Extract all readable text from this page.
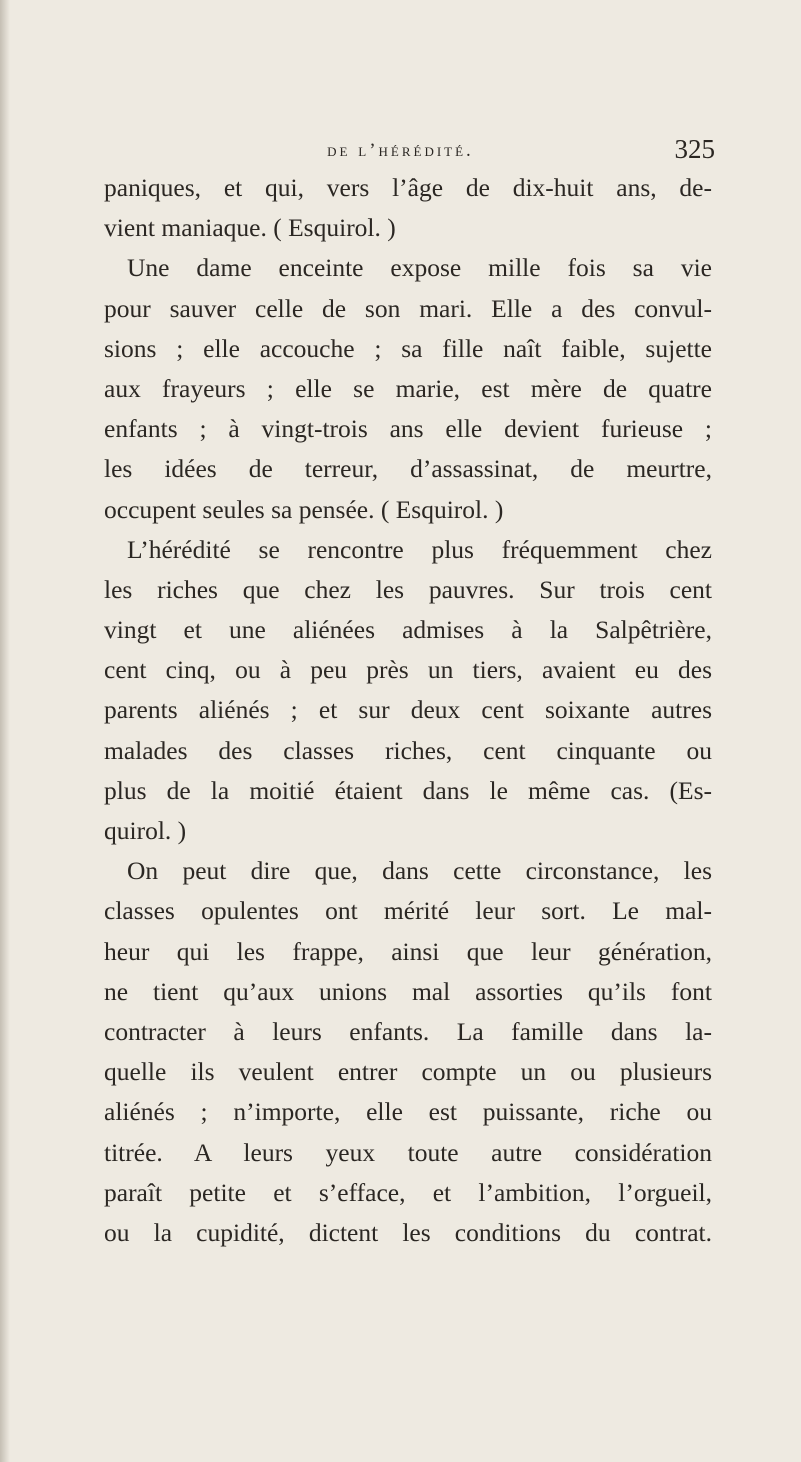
de l’hérédité.	325
paniques, et qui, vers l’âge de dix-huit ans, de-
vient maniaque. ( Esquirol. )
Une dame enceinte expose mille fois sa vie
pour sauver celle de son mari. Elle a des convul-
sions ; elle accouche ; sa fille naît faible, sujette
aux frayeurs ; elle se marie, est mère de quatre
enfants ; à vingt-trois ans elle devient furieuse ;
les idées de terreur, d’assassinat, de meurtre,
occupent seules sa pensée. ( Esquirol. )
L’hérédité se rencontre plus fréquemment chez
les riches que chez les pauvres. Sur trois cent
vingt et une aliénées admises à la Salpêtrière,
cent cinq, ou à peu près un tiers, avaient eu des
parents aliénés ; et sur deux cent soixante autres
malades des classes riches, cent cinquante ou
plus de la moitié étaient dans le même cas. (Es-
quirol. )
On peut dire que, dans cette circonstance, les
classes opulentes ont mérité leur sort. Le mal-
heur qui les frappe, ainsi que leur génération,
ne tient qu’aux unions mal assorties qu’ils font
contracter à leurs enfants. La famille dans la-
quelle ils veulent entrer compte un ou plusieurs
aliénés ; n’importe, elle est puissante, riche ou
titrée. A leurs yeux toute autre considération
paraît petite et s’efface, et l’ambition, l’orgueil,
ou la cupidité, dictent les conditions du contrat.
